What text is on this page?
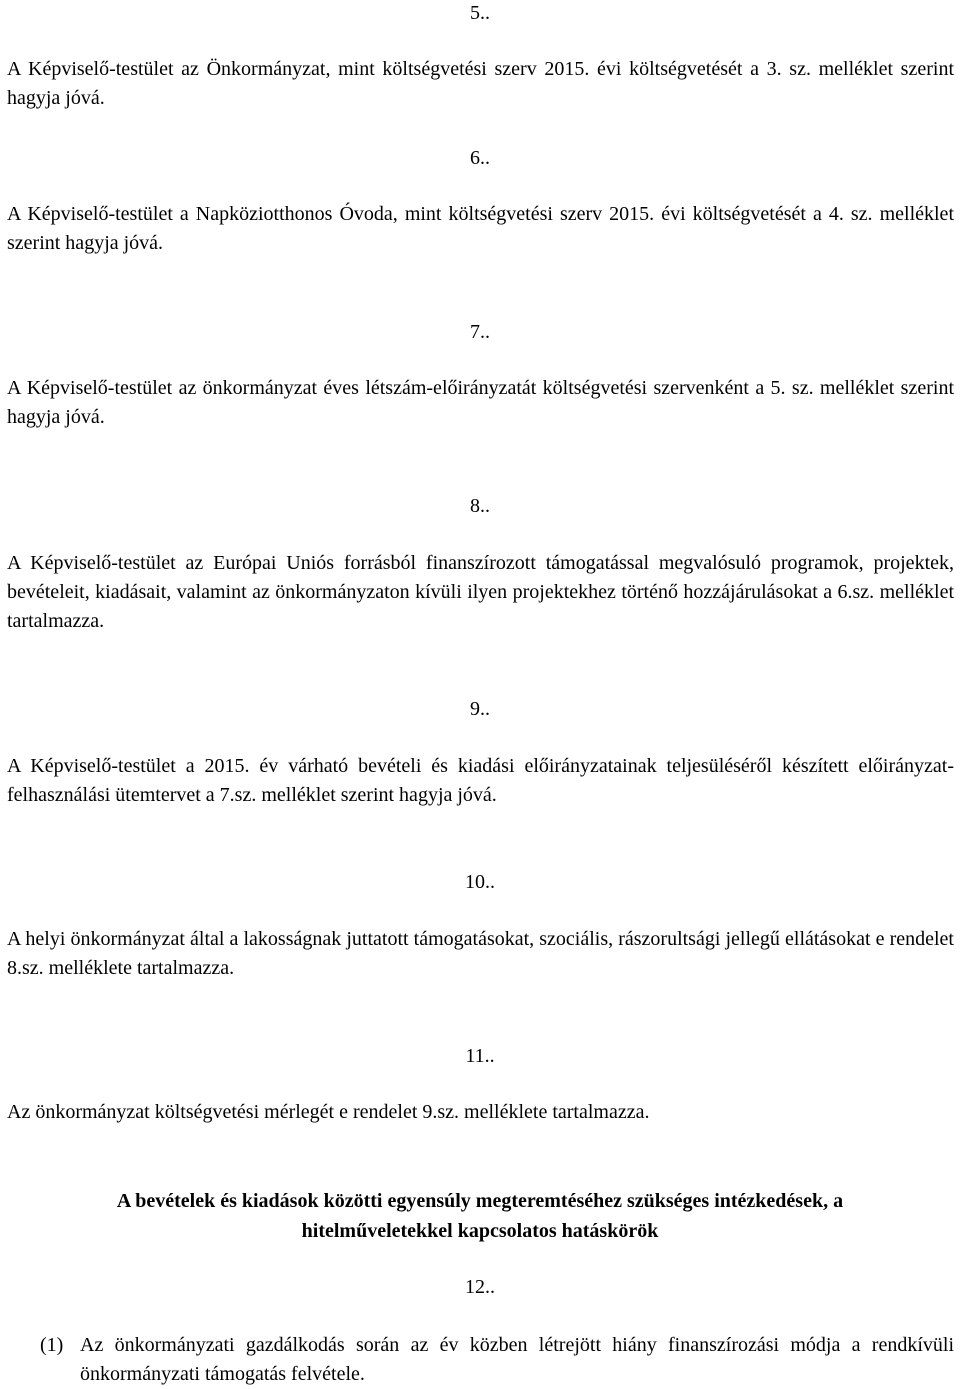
5..

A Képviselő-testület az Önkormányzat, mint költségvetési szerv 2015. évi költségvetését a 3. sz. melléklet szerint hagyja jóvá.

6..

A Képviselő-testület a Napköziotthonos Óvoda, mint költségvetési szerv 2015. évi költségvetését a 4. sz. melléklet szerint hagyja jóvá.

7..

A Képviselő-testület az önkormányzat éves létszám-előirányzatát költségvetési szervenként a 5. sz. melléklet szerint hagyja jóvá.

8..

A Képviselő-testület az Európai Uniós forrásból finanszírozott támogatással megvalósuló programok, projektek, bevételeit, kiadásait, valamint az önkormányzaton kívüli ilyen projektekhez történő hozzájárulásokat a 6.sz. melléklet tartalmazza.

9..

A Képviselő-testület a 2015. év várható bevételi és kiadási előirányzatainak teljesüléséről készített előirányzat-felhasználási ütemtervet a 7.sz. melléklet szerint hagyja jóvá.

10..

A helyi önkormányzat által a lakosságnak juttatott támogatásokat, szociális, rászorultsági jellegű ellátásokat e rendelet 8.sz. melléklete tartalmazza.

11..

Az önkormányzat költségvetési mérlegét e rendelet 9.sz. melléklete tartalmazza.

A bevételek és kiadások közötti egyensúly megteremtéséhez szükséges intézkedések, a
hitelműveletekkel kapcsolatos hatáskörök
12..
(1) Az önkormányzati gazdálkodás során az év közben létrejött hiány finanszírozási módja a rendkívüli önkormányzati támogatás felvétele.
